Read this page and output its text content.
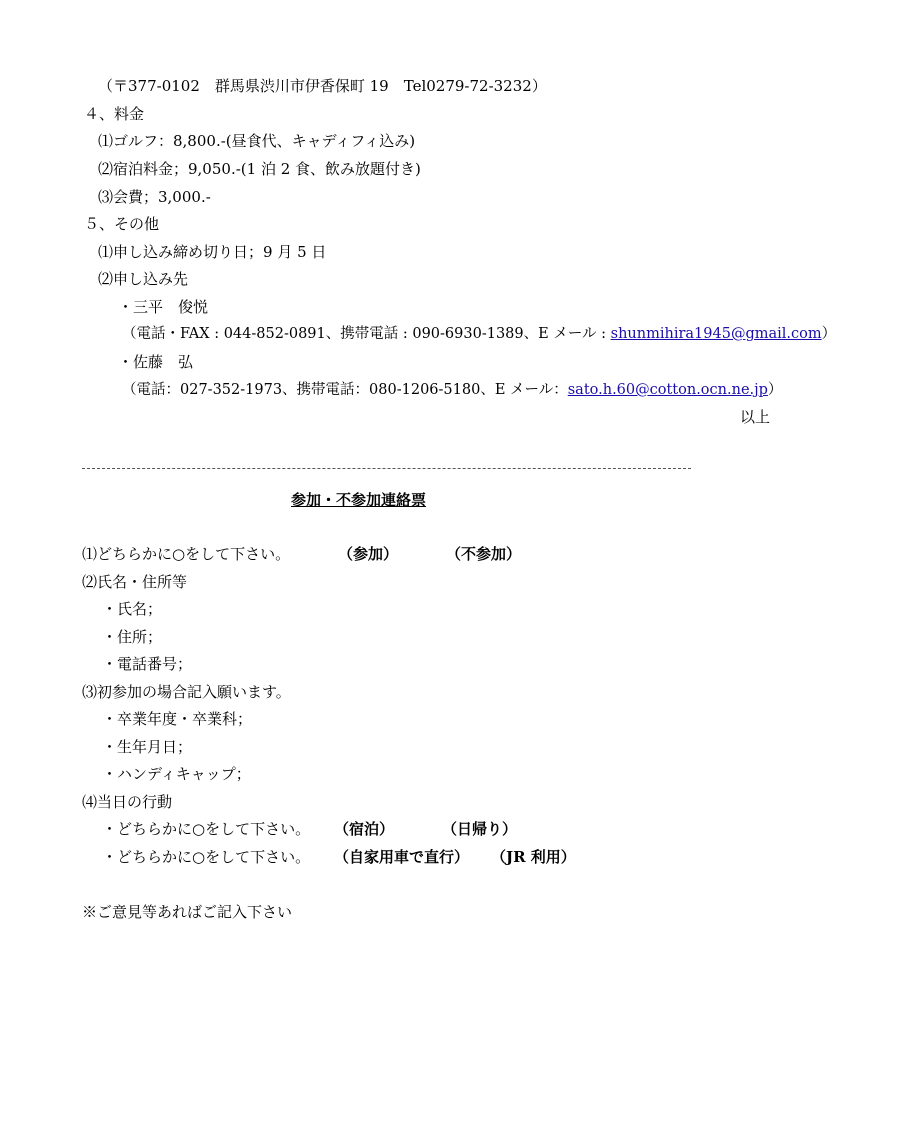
（〒377-0102　群馬県渋川市伊香保町 19　Tel0279-72-3232）
４、料金
⑴ゴルフ：8,800.-(昼食代、キャディフィ込み)
⑵宿泊料金；9,050.-(1 泊 2 食、飲み放題付き)
⑶会費；3,000.-
５、その他
⑴申し込み締め切り日；9 月 5 日
⑵申し込み先
・三平　俊悦
（電話・FAX : 044-852-0891、携帯電話 : 090-6930-1389、E メール : shunmihira1945@gmail.com）
・佐藤　弘
（電話：027-352-1973、携帯電話：080-1206-5180、E メール：sato.h.60@cotton.ocn.ne.jp）
以上
参加・不参加連絡票
⑴どちらかに○をして下さい。	（参加）	（不参加）
⑵氏名・住所等
・氏名；
・住所；
・電話番号；
⑶初参加の場合記入願います。
・卒業年度・卒業科；
・生年月日；
・ハンディキャップ；
⑷当日の行動
・どちらかに○をして下さい。 （宿泊）	（日帰り）
・どちらかに○をして下さい。 （自家用車で直行） （JR 利用）
※ご意見等あればご記入下さい
